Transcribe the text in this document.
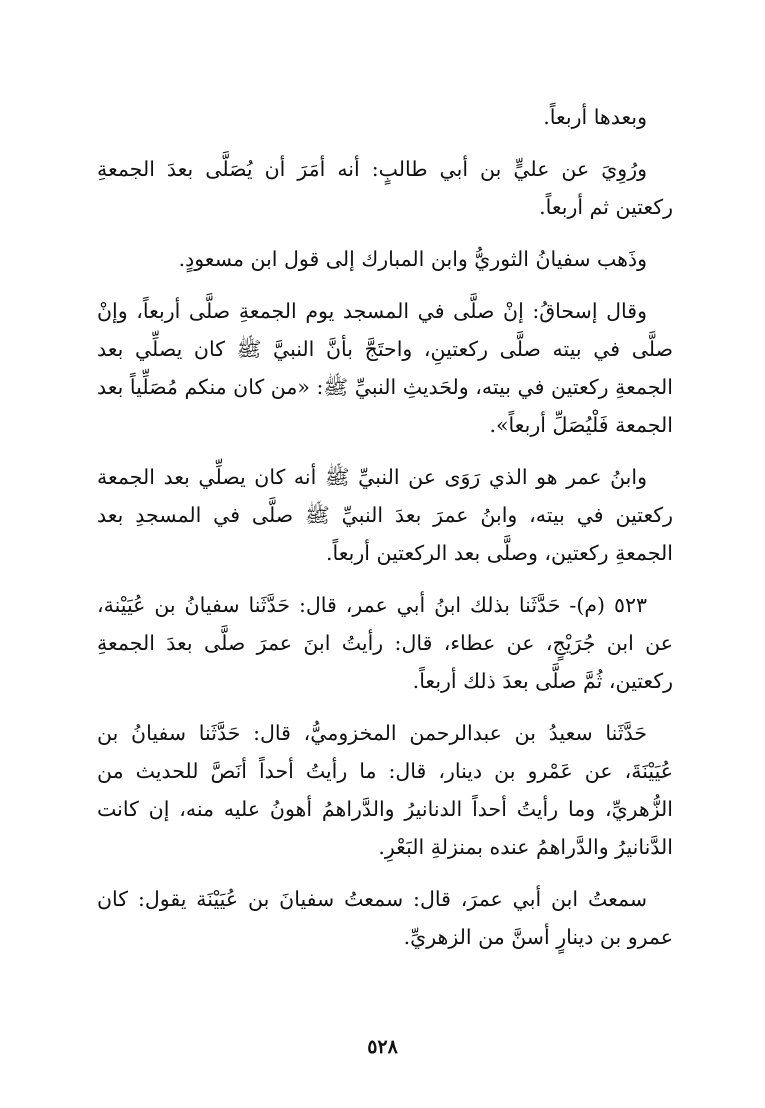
وبعدها أربعاً.

ورُوِيَ عن عليٍّ بن أبي طالبٍ: أنه أمَرَ أن يُصَلَّى بعدَ الجمعةِ ركعتين ثم أربعاً.

وذَهب سفيانُ الثوريُّ وابن المبارك إلى قول ابن مسعودٍ.

وقال إسحاقُ: إنْ صلَّى في المسجد يوم الجمعةِ صلَّى أربعاً، وإنْ صلَّى في بيته صلَّى ركعتينِ، واحتَجَّ بأنَّ النبيَّ ﷺ كان يصلِّي بعد الجمعةِ ركعتين في بيته، ولحَديثِ النبيِّ ﷺ: «من كان منكم مُصَلِّياً بعد الجمعة فَلْيُصَلِّ أربعاً».

وابنُ عمر هو الذي رَوَى عن النبيِّ ﷺ أنه كان يصلِّي بعد الجمعة ركعتين في بيته، وابنُ عمرَ بعدَ النبيِّ ﷺ صلَّى في المسجدِ بعد الجمعةِ ركعتين، وصلَّى بعد الركعتين أربعاً.

٥٢٣ (م)- حَدَّثَنا بذلك ابنُ أبي عمر، قال: حَدَّثَنا سفيانُ بن عُيَيْنة، عن ابن جُرَيْجٍ، عن عطاء، قال: رأيتُ ابنَ عمرَ صلَّى بعدَ الجمعةِ ركعتين، ثُمَّ صلَّى بعدَ ذلك أربعاً.

حَدَّثَنا سعيدُ بن عبدالرحمن المخزوميُّ، قال: حَدَّثَنا سفيانُ بن عُيَيْنَةَ، عن عَمْرو بن دينار، قال: ما رأيتُ أحداً أنَصَّ للحديث من الزُّهريِّ، وما رأيتُ أحداً الدنانيرُ والدَّراهمُ أهونُ عليه منه، إن كانت الدَّنانيرُ والدَّراهمُ عنده بمنزلةِ البَعْرِ.

سمعتُ ابن أبي عمرَ، قال: سمعتُ سفيانَ بن عُيَيْنَة يقول: كان عمرو بن دينارٍ أسنَّ من الزهريِّ.

٥٢٨
